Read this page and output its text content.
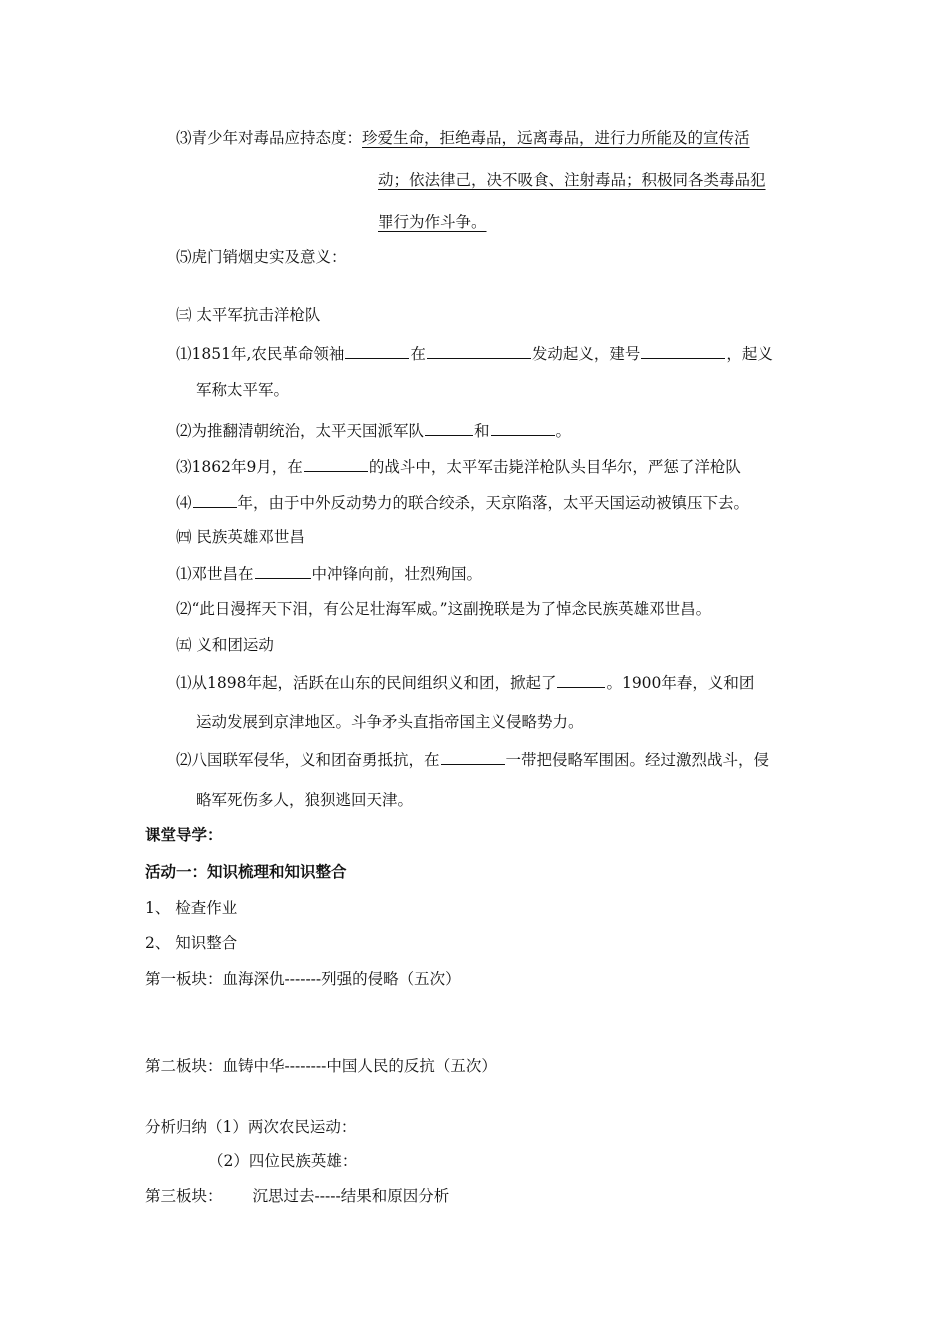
⑶青少年对毒品应持态度：珍爱生命，拒绝毒品，远离毒品，进行力所能及的宣传活
动；依法律己，决不吸食、注射毒品；积极同各类毒品犯
罪行为作斗争。
⑸虎门销烟史实及意义：
㈢ 太平军抗击洋枪队
⑴1851年,农民革命领袖	在	发动起义，建号	，起义
军称太平军。
⑵为推翻清朝统治，太平天国派军队	和	。
⑶1862年9月，在	的战斗中，太平军击毙洋枪队头目华尔，严惩了洋枪队
⑷	年，由于中外反动势力的联合绞杀，天京陷落，太平天国运动被镇压下去。
㈣ 民族英雄邓世昌
⑴邓世昌在	中冲锋向前，壮烈殉国。
⑵“此日漫挥天下泪，有公足壮海军威。”这副挽联是为了悼念民族英雄邓世昌。
㈤ 义和团运动
⑴从1898年起，活跃在山东的民间组织义和团，掀起了	。1900年春，义和团
运动发展到京津地区。斗争矛头直指帝国主义侵略势力。
⑵八国联军侵华，义和团奋勇抵抗，在	一带把侵略军围困。经过激烈战斗，侵
略军死伤多人，狼狈逃回天津。
课堂导学：
活动一：知识梳理和知识整合
1、 检查作业
2、 知识整合
第一板块：血海深仇-------列强的侵略（五次）
第二板块：血铸中华--------中国人民的反抗（五次）
分析归纳（1）两次农民运动：
（2）四位民族英雄：
第三板块： 沉思过去-----结果和原因分析
